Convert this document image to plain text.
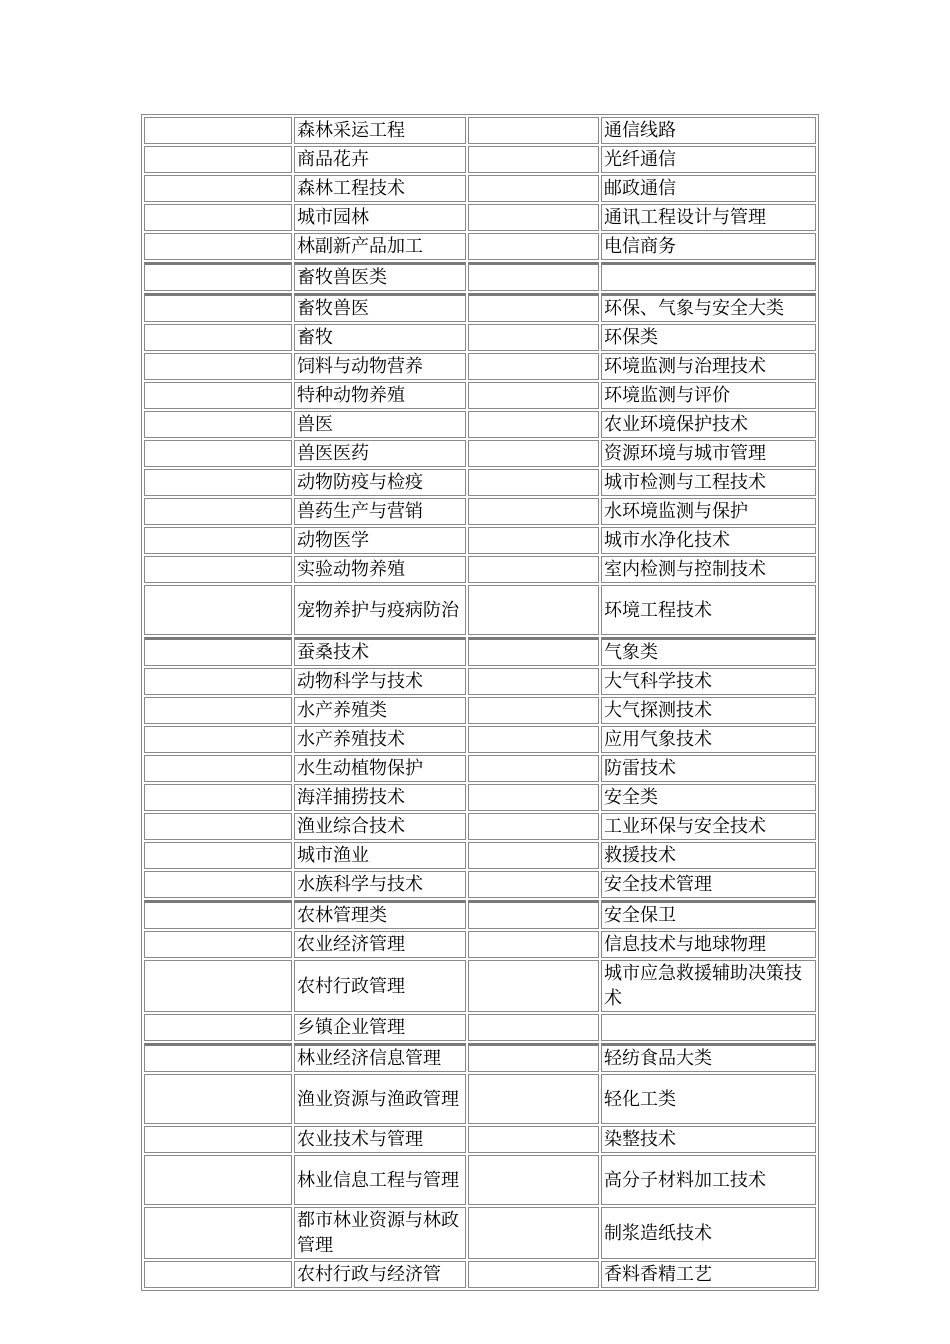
	森林采运工程		通信线路
	商品花卉		光纤通信
	森林工程技术		邮政通信
	城市园林		通讯工程设计与管理
	林副新产品加工		电信商务
	畜牧兽医类		
	畜牧兽医		环保、气象与安全大类
	畜牧		环保类
	饲料与动物营养		环境监测与治理技术
	特种动物养殖		环境监测与评价
	兽医		农业环境保护技术
	兽医医药		资源环境与城市管理
	动物防疫与检疫		城市检测与工程技术
	兽药生产与营销		水环境监测与保护
	动物医学		城市水净化技术
	实验动物养殖		室内检测与控制技术
	宠物养护与疫病防治		环境工程技术
	蚕桑技术		气象类
	动物科学与技术		大气科学技术
	水产养殖类		大气探测技术
	水产养殖技术		应用气象技术
	水生动植物保护		防雷技术
	海洋捕捞技术		安全类
	渔业综合技术		工业环保与安全技术
	城市渔业		救援技术
	水族科学与技术		安全技术管理
	农林管理类		安全保卫
	农业经济管理		信息技术与地球物理
	农村行政管理		城市应急救援辅助决策技术
	乡镇企业管理		
	林业经济信息管理		轻纺食品大类
	渔业资源与渔政管理		轻化工类
	农业技术与管理		染整技术
	林业信息工程与管理		高分子材料加工技术
	都市林业资源与林政管理		制浆造纸技术
	农村行政与经济管		香料香精工艺
